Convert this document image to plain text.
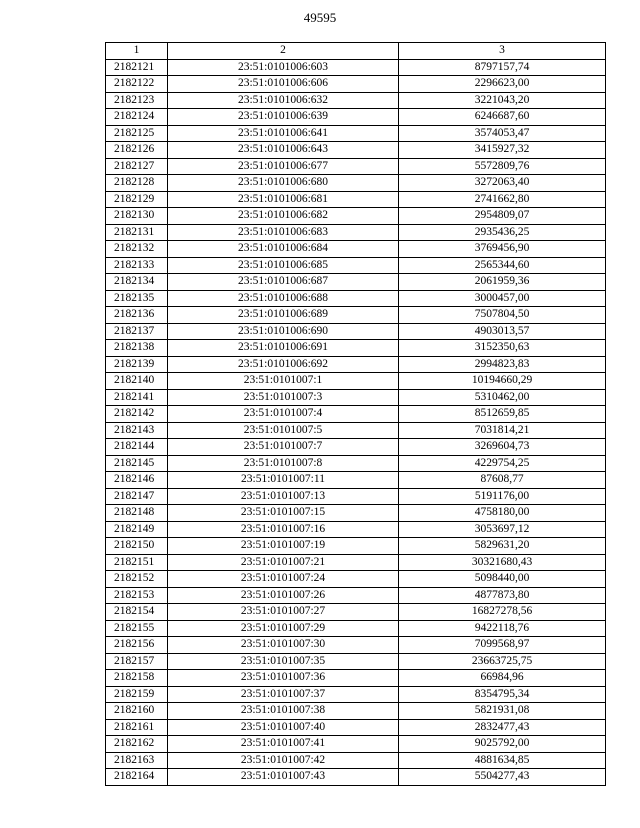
49595
1	2	3
2182121	23:51:0101006:603	8797157,74
2182122	23:51:0101006:606	2296623,00
2182123	23:51:0101006:632	3221043,20
2182124	23:51:0101006:639	6246687,60
2182125	23:51:0101006:641	3574053,47
2182126	23:51:0101006:643	3415927,32
2182127	23:51:0101006:677	5572809,76
2182128	23:51:0101006:680	3272063,40
2182129	23:51:0101006:681	2741662,80
2182130	23:51:0101006:682	2954809,07
2182131	23:51:0101006:683	2935436,25
2182132	23:51:0101006:684	3769456,90
2182133	23:51:0101006:685	2565344,60
2182134	23:51:0101006:687	2061959,36
2182135	23:51:0101006:688	3000457,00
2182136	23:51:0101006:689	7507804,50
2182137	23:51:0101006:690	4903013,57
2182138	23:51:0101006:691	3152350,63
2182139	23:51:0101006:692	2994823,83
2182140	23:51:0101007:1	10194660,29
2182141	23:51:0101007:3	5310462,00
2182142	23:51:0101007:4	8512659,85
2182143	23:51:0101007:5	7031814,21
2182144	23:51:0101007:7	3269604,73
2182145	23:51:0101007:8	4229754,25
2182146	23:51:0101007:11	87608,77
2182147	23:51:0101007:13	5191176,00
2182148	23:51:0101007:15	4758180,00
2182149	23:51:0101007:16	3053697,12
2182150	23:51:0101007:19	5829631,20
2182151	23:51:0101007:21	30321680,43
2182152	23:51:0101007:24	5098440,00
2182153	23:51:0101007:26	4877873,80
2182154	23:51:0101007:27	16827278,56
2182155	23:51:0101007:29	9422118,76
2182156	23:51:0101007:30	7099568,97
2182157	23:51:0101007:35	23663725,75
2182158	23:51:0101007:36	66984,96
2182159	23:51:0101007:37	8354795,34
2182160	23:51:0101007:38	5821931,08
2182161	23:51:0101007:40	2832477,43
2182162	23:51:0101007:41	9025792,00
2182163	23:51:0101007:42	4881634,85
2182164	23:51:0101007:43	5504277,43
